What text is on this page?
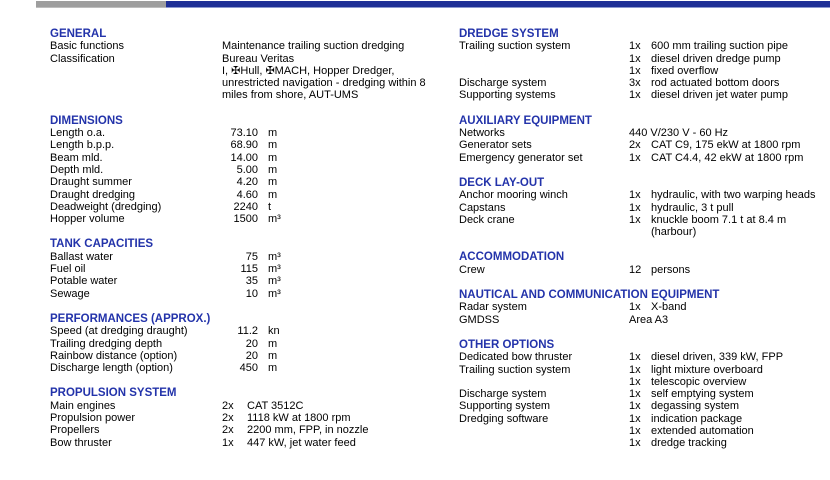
GENERAL
Basic functions	Maintenance trailing suction dredging
Classification	Bureau Veritas
I, ✠Hull, ✠MACH, Hopper Dredger,
unrestricted navigation - dredging within 8
miles from shore, AUT-UMS
DIMENSIONS
Length o.a.	73.10 m
Length b.p.p.	68.90 m
Beam mld.	14.00 m
Depth mld.	5.00 m
Draught summer	4.20 m
Draught dredging	4.60 m
Deadweight (dredging)	2240 t
Hopper volume	1500 m³
TANK CAPACITIES
Ballast water	75 m³
Fuel oil	115 m³
Potable water	35 m³
Sewage	10 m³
PERFORMANCES (APPROX.)
Speed (at dredging draught)	11.2 kn
Trailing dredging depth	20 m
Rainbow distance (option)	20 m
Discharge length (option)	450 m
PROPULSION SYSTEM
Main engines	2x	CAT 3512C
Propulsion power	2x	1118 kW at 1800 rpm
Propellers	2x	2200 mm, FPP, in nozzle
Bow thruster	1x	447 kW, jet water feed
DREDGE SYSTEM
Trailing suction system	1x 600 mm trailing suction pipe
1x diesel driven dredge pump
1x fixed overflow
Discharge system	3x rod actuated bottom doors
Supporting systems	1x diesel driven jet water pump
AUXILIARY EQUIPMENT
Networks	440 V/230 V - 60 Hz
Generator sets	2x CAT C9, 175 ekW at 1800 rpm
Emergency generator set	1x CAT C4.4, 42 ekW at 1800 rpm
DECK LAY-OUT
Anchor mooring winch	1x hydraulic, with two warping heads
Capstans	1x hydraulic, 3 t pull
Deck crane	1x knuckle boom 7.1 t at 8.4 m
(harbour)
ACCOMMODATION
Crew	12 persons
NAUTICAL AND COMMUNICATION EQUIPMENT
Radar system	1x X-band
GMDSS	Area A3
OTHER OPTIONS
Dedicated bow thruster	1x diesel driven, 339 kW, FPP
Trailing suction system	1x light mixture overboard
1x telescopic overview
Discharge system	1x self emptying system
Supporting system	1x degassing system
Dredging software	1x indication package
1x extended automation
1x dredge tracking
